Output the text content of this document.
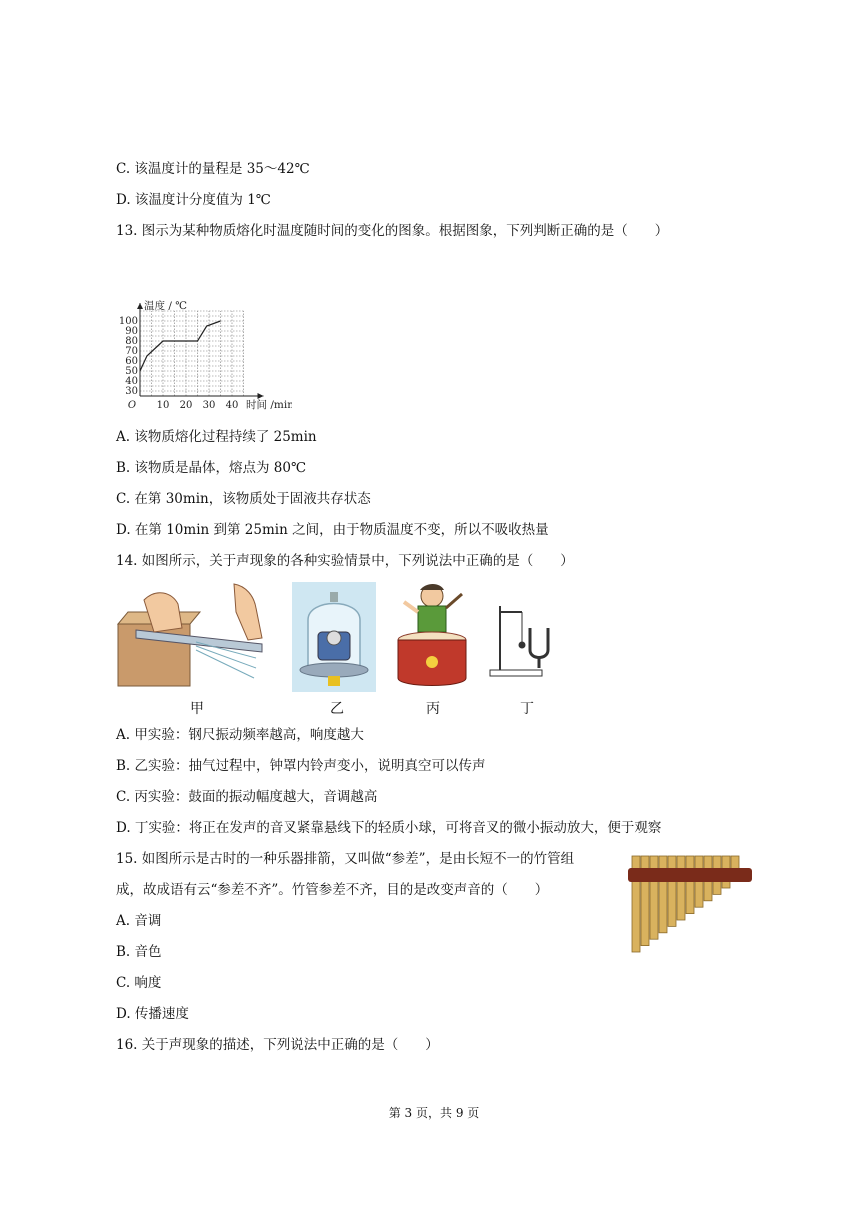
C. 该温度计的量程是 35～42℃
D. 该温度计分度值为 1℃
13. 图示为某种物质熔化时温度随时间的变化的图象。根据图象，下列判断正确的是（　　）
30
40
50
60
70
80
90
100
10 20 30 40
O
温度 / ℃
时间 /min
A. 该物质熔化过程持续了 25min
B. 该物质是晶体，熔点为 80℃
C. 在第 30min，该物质处于固液共存状态
D. 在第 10min 到第 25min 之间，由于物质温度不变，所以不吸收热量
14. 如图所示，关于声现象的各种实验情景中，下列说法中正确的是（　　）
甲	乙	丙	丁
A. 甲实验：钢尺振动频率越高，响度越大
B. 乙实验：抽气过程中，钟罩内铃声变小，说明真空可以传声
C. 丙实验：鼓面的振动幅度越大，音调越高
D. 丁实验：将正在发声的音叉紧靠悬线下的轻质小球，可将音叉的微小振动放大，便于观察
15. 如图所示是古时的一种乐器排箭，又叫做“参差”，是由长短不一的竹管组
成，故成语有云“参差不齐”。竹管参差不齐，目的是改变声音的（　　）
A. 音调
B. 音色
C. 响度
D. 传播速度
16. 关于声现象的描述，下列说法中正确的是（　　）
第 3 页，共 9 页
